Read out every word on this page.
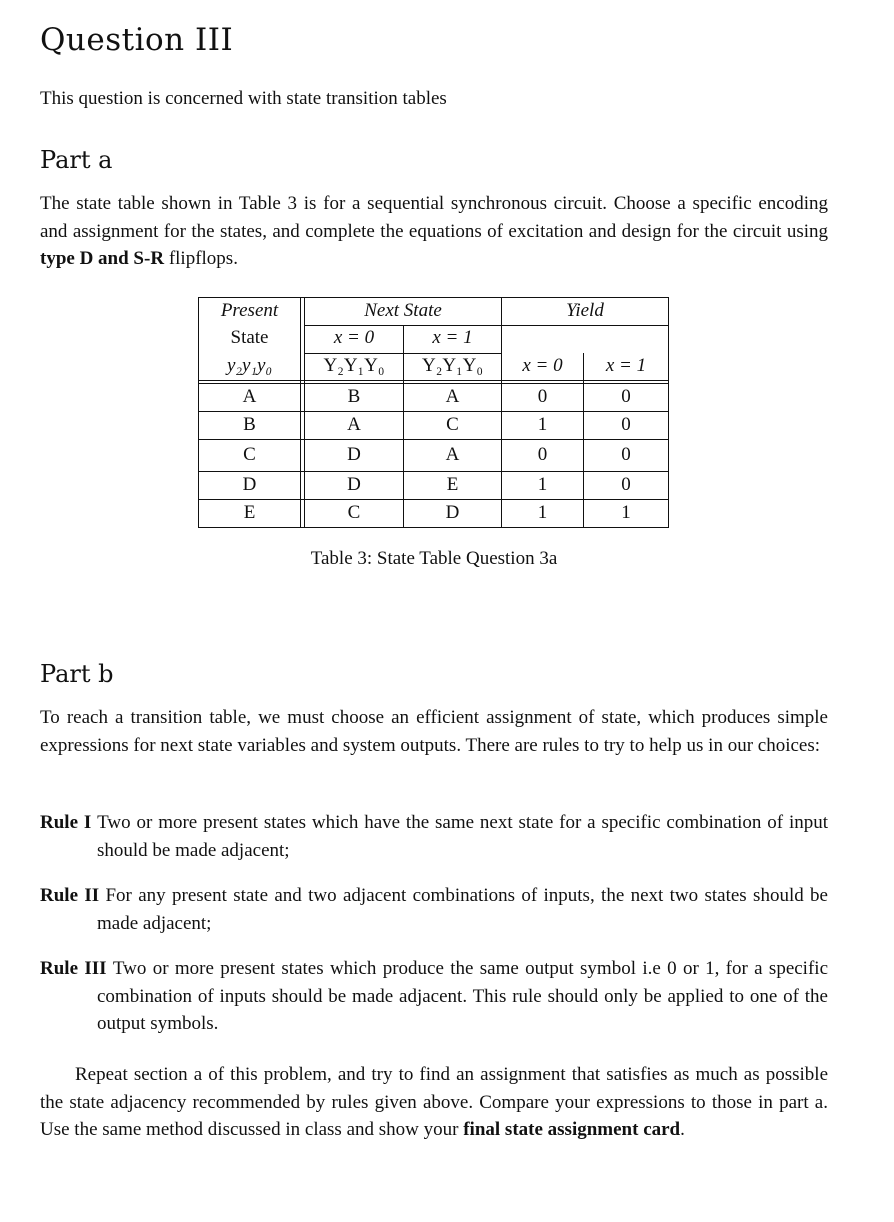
Question III
This question is concerned with state transition tables
Part a
The state table shown in Table 3 is for a sequential synchronous circuit. Choose a specific encoding and assignment for the states, and complete the equations of excitation and design for the circuit using type D and S-R flipflops.
Present
State
y₂y₁y₀
Next State	Yield
x = 0	x = 1
Y₂Y₁Y₀	Y₂Y₁Y₀	x = 0	x = 1
A	B	A	0	0
B	A	C	1	0
C	D	A	0	0
D	D	E	1	0
E	C	D	1	1
Table 3: State Table Question 3a
Part b
To reach a transition table, we must choose an efficient assignment of state, which produces simple expressions for next state variables and system outputs. There are rules to try to help us in our choices:
Rule I Two or more present states which have the same next state for a specific combination of input should be made adjacent;
Rule II For any present state and two adjacent combinations of inputs, the next two states should be made adjacent;
Rule III Two or more present states which produce the same output symbol i.e 0 or 1, for a specific combination of inputs should be made adjacent. This rule should only be applied to one of the output symbols.
Repeat section a of this problem, and try to find an assignment that satisfies as much as possible the state adjacency recommended by rules given above. Compare your expressions to those in part a. Use the same method discussed in class and show your final state assignment card.
